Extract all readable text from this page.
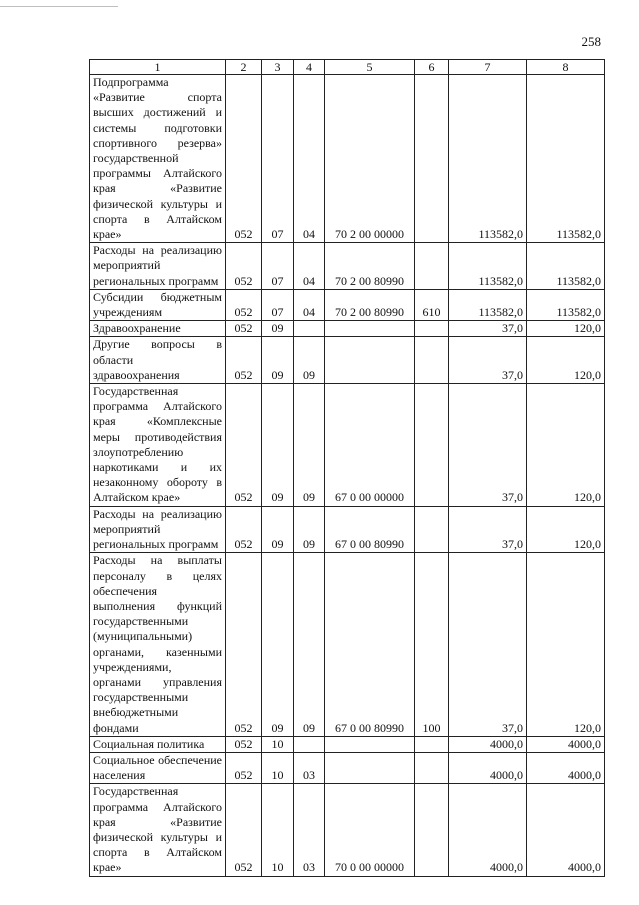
258
1	2	3	4	5	6	7	8
Подпрограмма «Развитие спорта высших достижений и системы подготовки спортивного резерва» государственной программы Алтайского края «Развитие физической культуры и спорта в Алтайском крае»	052	07	04	70 2 00 00000		113582,0	113582,0
Расходы на реализацию мероприятий региональных программ	052	07	04	70 2 00 80990		113582,0	113582,0
Субсидии бюджетным учреждениям	052	07	04	70 2 00 80990	610	113582,0	113582,0
Здравоохранение	052	09				37,0	120,0
Другие вопросы в области здравоохранения	052	09	09			37,0	120,0
Государственная программа Алтайского края «Комплексные меры противодействия злоупотреблению наркотиками и их незаконному обороту в Алтайском крае»	052	09	09	67 0 00 00000		37,0	120,0
Расходы на реализацию мероприятий региональных программ	052	09	09	67 0 00 80990		37,0	120,0
Расходы на выплаты персоналу в целях обеспечения выполнения функций государственными (муниципальными) органами, казенными учреждениями, органами управления государственными внебюджетными фондами	052	09	09	67 0 00 80990	100	37,0	120,0
Социальная политика	052	10				4000,0	4000,0
Социальное обеспечение населения	052	10	03			4000,0	4000,0
Государственная программа Алтайского края «Развитие физической культуры и спорта в Алтайском крае»	052	10	03	70 0 00 00000		4000,0	4000,0
